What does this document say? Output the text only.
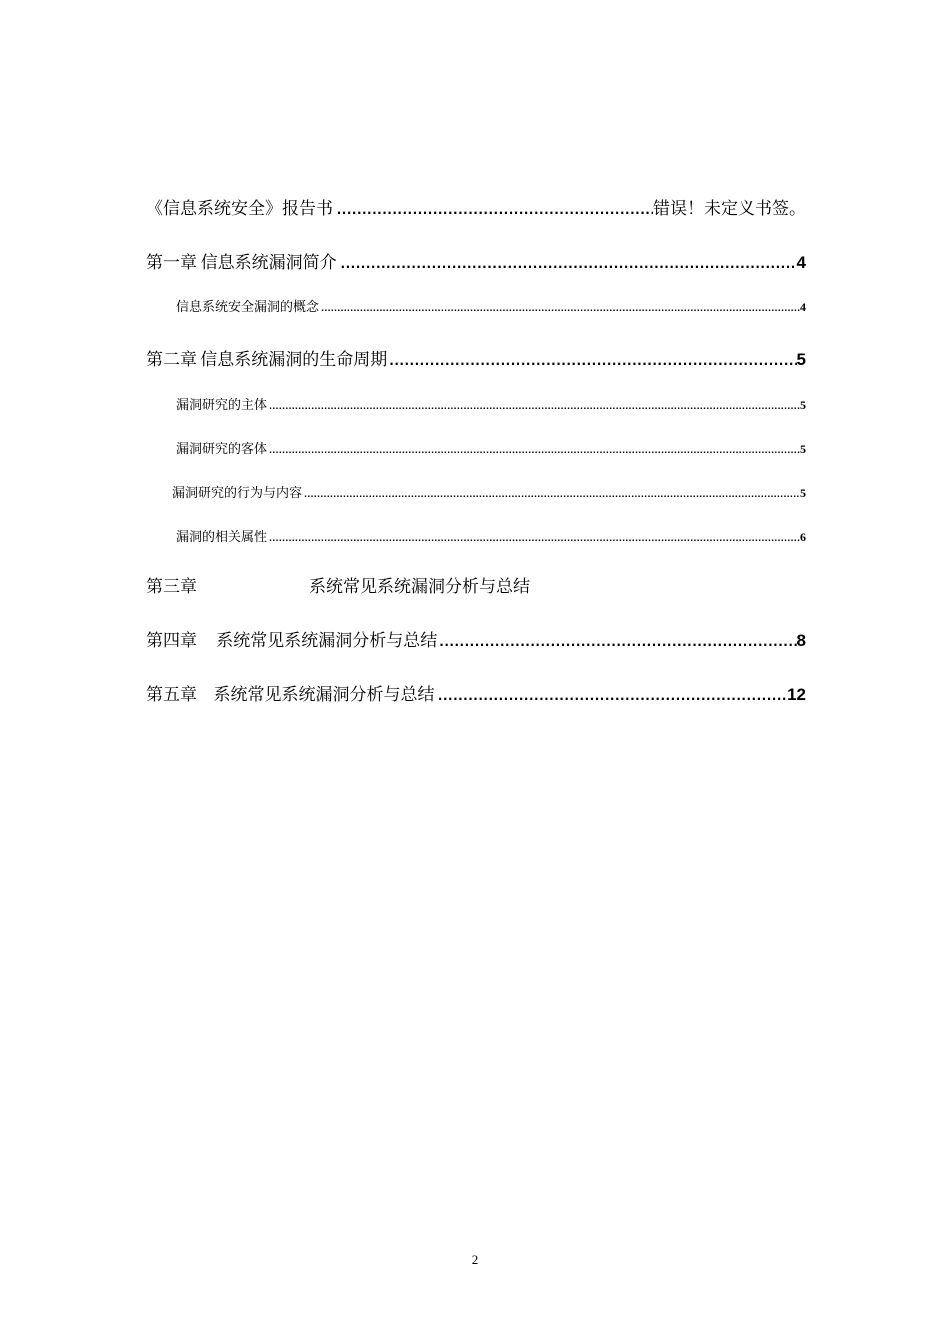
《信息系统安全》报告书 .....	错误！未定义书签。
第一章 信息系统漏洞简介 .....	4
信息系统安全漏洞的概念 .....	4
第二章 信息系统漏洞的生命周期 .....	5
漏洞研究的主体 .....	5
漏洞研究的客体 .....	5
漏洞研究的行为与内容 .....	5
漏洞的相关属性 .....	6
第三章	系统常见系统漏洞分析与总结
第四章 系统常见系统漏洞分析与总结 .....	8
第五章 系统常见系统漏洞分析与总结 .....	12
2
